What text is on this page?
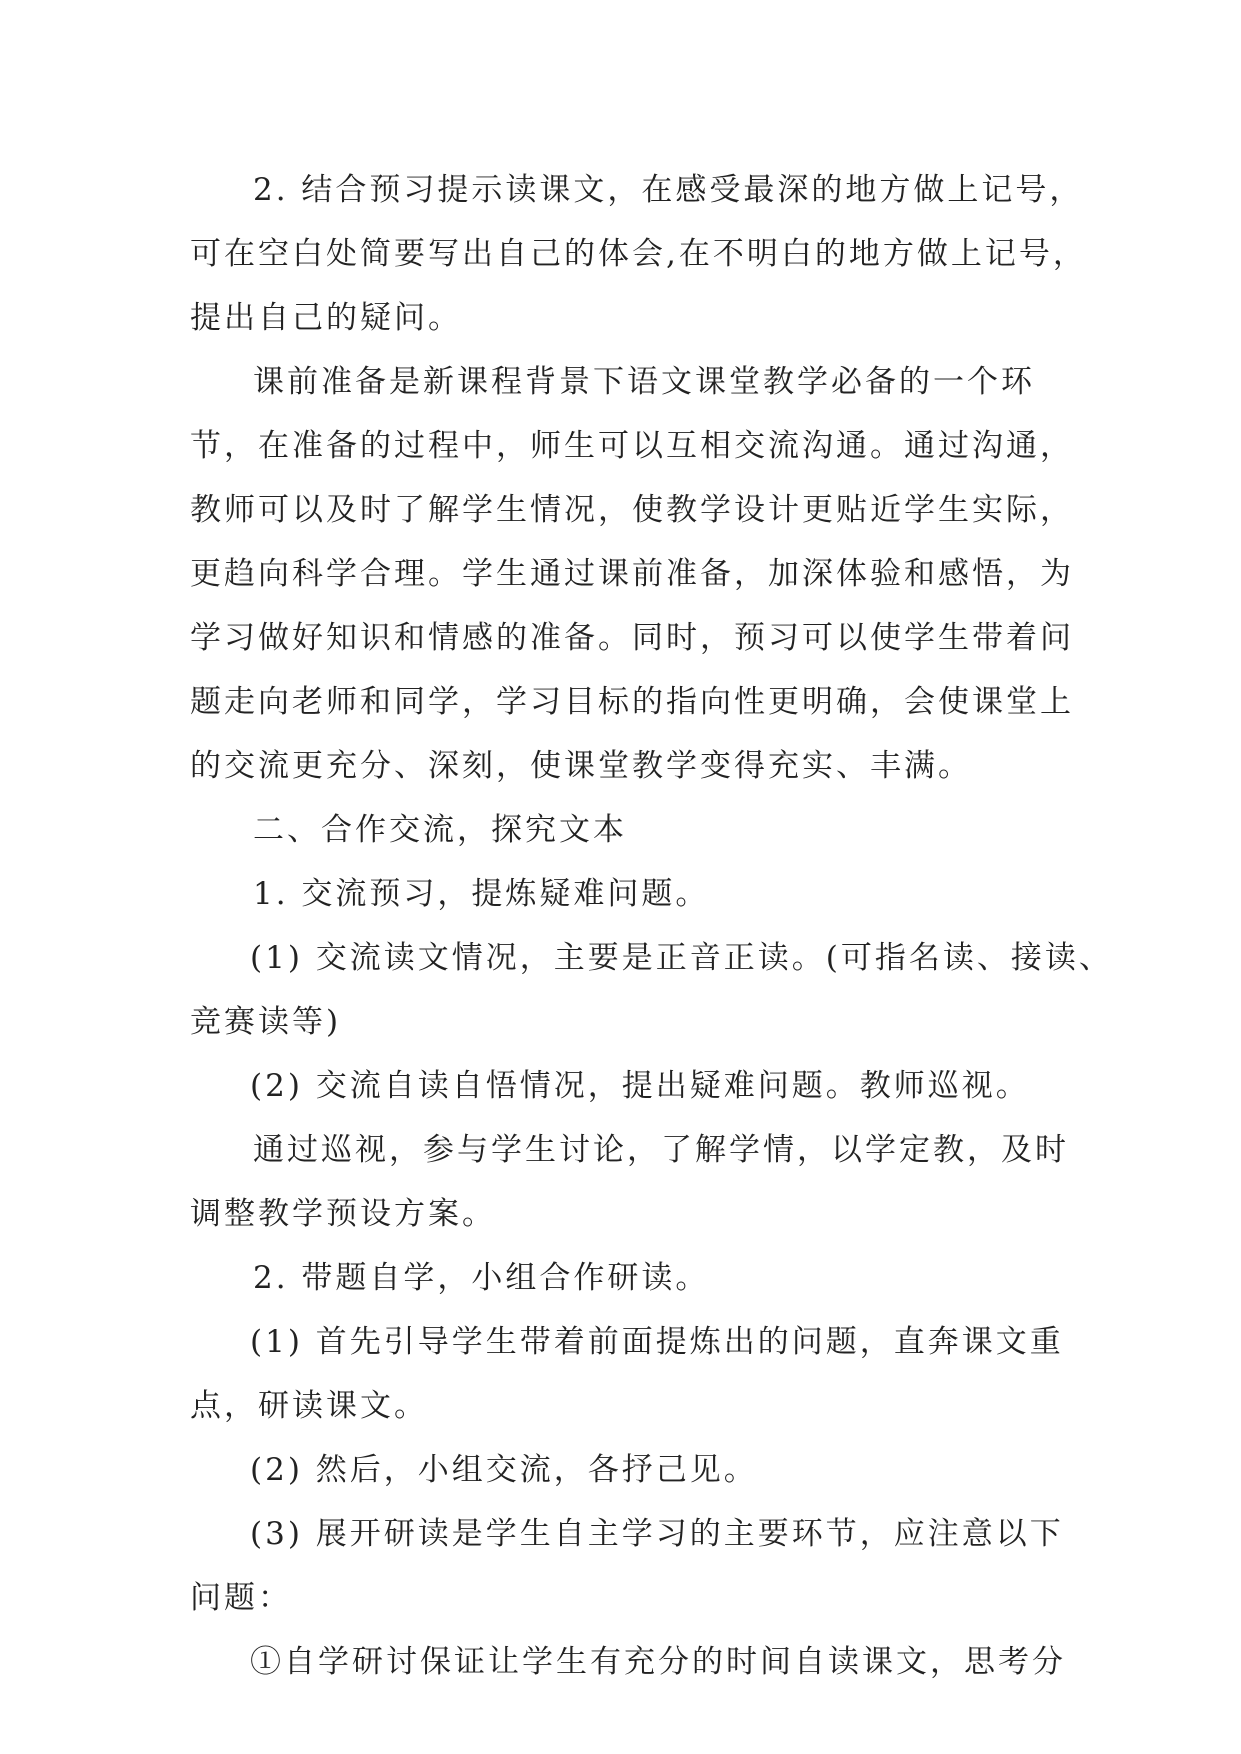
2. 结合预习提示读课文，在感受最深的地方做上记号，
可在空白处简要写出自己的体会,在不明白的地方做上记号，
提出自己的疑问。
课前准备是新课程背景下语文课堂教学必备的一个环
节，在准备的过程中，师生可以互相交流沟通。通过沟通，
教师可以及时了解学生情况，使教学设计更贴近学生实际，
更趋向科学合理。学生通过课前准备，加深体验和感悟，为
学习做好知识和情感的准备。同时，预习可以使学生带着问
题走向老师和同学，学习目标的指向性更明确，会使课堂上
的交流更充分、深刻，使课堂教学变得充实、丰满。
二、合作交流，探究文本
1. 交流预习，提炼疑难问题。
(1) 交流读文情况，主要是正音正读。(可指名读、接读、
竞赛读等)
(2) 交流自读自悟情况，提出疑难问题。教师巡视。
通过巡视，参与学生讨论，了解学情，以学定教，及时
调整教学预设方案。
2. 带题自学，小组合作研读。
(1) 首先引导学生带着前面提炼出的问题，直奔课文重
点，研读课文。
(2) 然后，小组交流，各抒己见。
(3) 展开研读是学生自主学习的主要环节，应注意以下
问题：
①自学研讨保证让学生有充分的时间自读课文，思考分
